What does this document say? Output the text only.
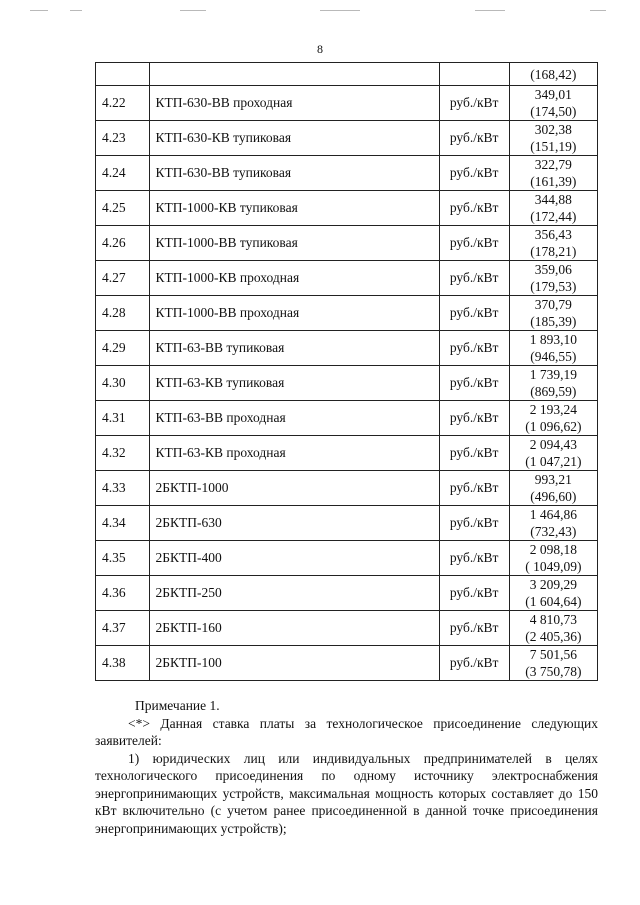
8
			(168,42)
4.22	КТП-630-ВВ проходная	руб./кВт	349,01
(174,50)

4.23	КТП-630-КВ тупиковая	руб./кВт	302,38
(151,19)

4.24	КТП-630-ВВ тупиковая	руб./кВт	322,79
(161,39)

4.25	КТП-1000-КВ тупиковая	руб./кВт	344,88
(172,44)

4.26	КТП-1000-ВВ тупиковая	руб./кВт	356,43
(178,21)

4.27	КТП-1000-КВ проходная	руб./кВт	359,06
(179,53)

4.28	КТП-1000-ВВ проходная	руб./кВт	370,79
(185,39)

4.29	КТП-63-ВВ тупиковая	руб./кВт	1 893,10
(946,55)

4.30	КТП-63-КВ тупиковая	руб./кВт	1 739,19
(869,59)

4.31	КТП-63-ВВ проходная	руб./кВт	2 193,24
(1 096,62)

4.32	КТП-63-КВ проходная	руб./кВт	2 094,43
(1 047,21)

4.33	2БКТП-1000	руб./кВт	993,21
(496,60)

4.34	2БКТП-630	руб./кВт	1 464,86
(732,43)

4.35	2БКТП-400	руб./кВт	2 098,18
( 1049,09)

4.36	2БКТП-250	руб./кВт	3 209,29
(1 604,64)

4.37	2БКТП-160	руб./кВт	4 810,73
(2 405,36)

4.38	2БКТП-100	руб./кВт	7 501,56
(3 750,78)

Примечание 1.

<*> Данная ставка платы за технологическое присоединение следующих заявителей:

1) юридических лиц или индивидуальных предпринимателей в целях технологического присоединения по одному источнику электроснабжения энергопринимающих устройств, максимальная мощность которых составляет до 150 кВт включительно (с учетом ранее присоединенной в данной точке присоединения энергопринимающих устройств);
